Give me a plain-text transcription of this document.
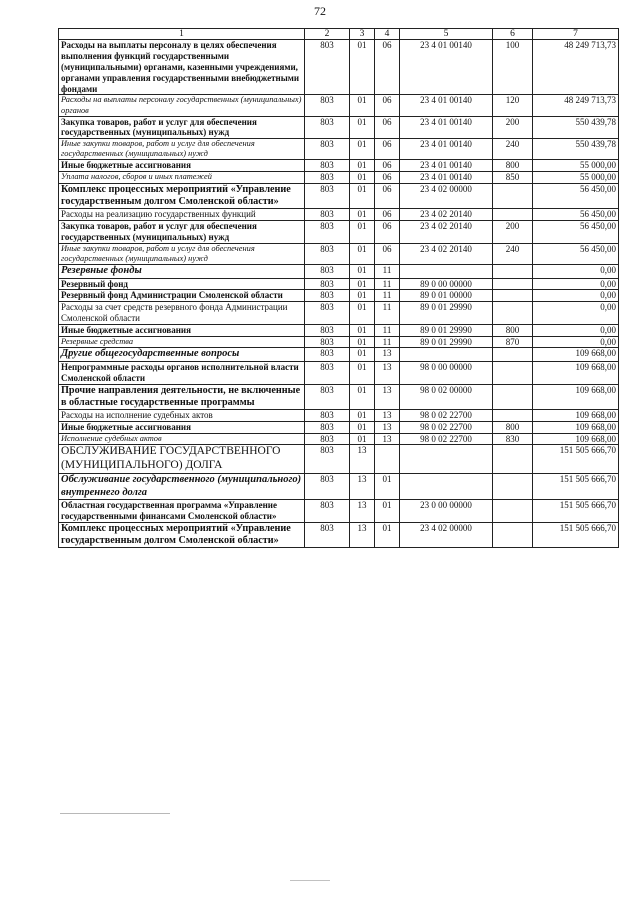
72
1	2	3	4	5	6	7
Расходы на выплаты персоналу в целях обеспечения выполнения функций государственными (муниципальными) органами, казенными учреждениями, органами управления государственными внебюджетными фондами	803	01	06	23 4 01 00140	100	48 249 713,73
Расходы на выплаты персоналу государственных (муниципальных) органов	803	01	06	23 4 01 00140	120	48 249 713,73
Закупка товаров, работ и услуг для обеспечения государственных (муниципальных) нужд	803	01	06	23 4 01 00140	200	550 439,78
Иные закупки товаров, работ и услуг для обеспечения государственных (муниципальных) нужд	803	01	06	23 4 01 00140	240	550 439,78
Иные бюджетные ассигнования	803	01	06	23 4 01 00140	800	55 000,00
Уплата налогов, сборов и иных платежей	803	01	06	23 4 01 00140	850	55 000,00
Комплекс процессных мероприятий «Управление государственным долгом Смоленской области»	803	01	06	23 4 02 00000		56 450,00
Расходы на реализацию государственных функций	803	01	06	23 4 02 20140		56 450,00
Закупка товаров, работ и услуг для обеспечения государственных (муниципальных) нужд	803	01	06	23 4 02 20140	200	56 450,00
Иные закупки товаров, работ и услуг для обеспечения государственных (муниципальных) нужд	803	01	06	23 4 02 20140	240	56 450,00
Резервные фонды	803	01	11			0,00
Резервный фонд	803	01	11	89 0 00 00000		0,00
Резервный фонд Администрации Смоленской области	803	01	11	89 0 01 00000		0,00
Расходы за счет средств резервного фонда Администрации Смоленской области	803	01	11	89 0 01 29990		0,00
Иные бюджетные ассигнования	803	01	11	89 0 01 29990	800	0,00
Резервные средства	803	01	11	89 0 01 29990	870	0,00
Другие общегосударственные вопросы	803	01	13			109 668,00
Непрограммные расходы органов исполнительной власти Смоленской области	803	01	13	98 0 00 00000		109 668,00
Прочие направления деятельности, не включенные в областные государственные программы	803	01	13	98 0 02 00000		109 668,00
Расходы на исполнение судебных актов	803	01	13	98 0 02 22700		109 668,00
Иные бюджетные ассигнования	803	01	13	98 0 02 22700	800	109 668,00
Исполнение судебных актов	803	01	13	98 0 02 22700	830	109 668,00
ОБСЛУЖИВАНИЕ ГОСУДАРСТВЕННОГО (МУНИЦИПАЛЬНОГО) ДОЛГА	803	13				151 505 666,70
Обслуживание государственного (муниципального) внутреннего долга	803	13	01			151 505 666,70
Областная государственная программа «Управление государственными финансами Смоленской области»	803	13	01	23 0 00 00000		151 505 666,70
Комплекс процессных мероприятий «Управление государственным долгом Смоленской области»	803	13	01	23 4 02 00000		151 505 666,70
